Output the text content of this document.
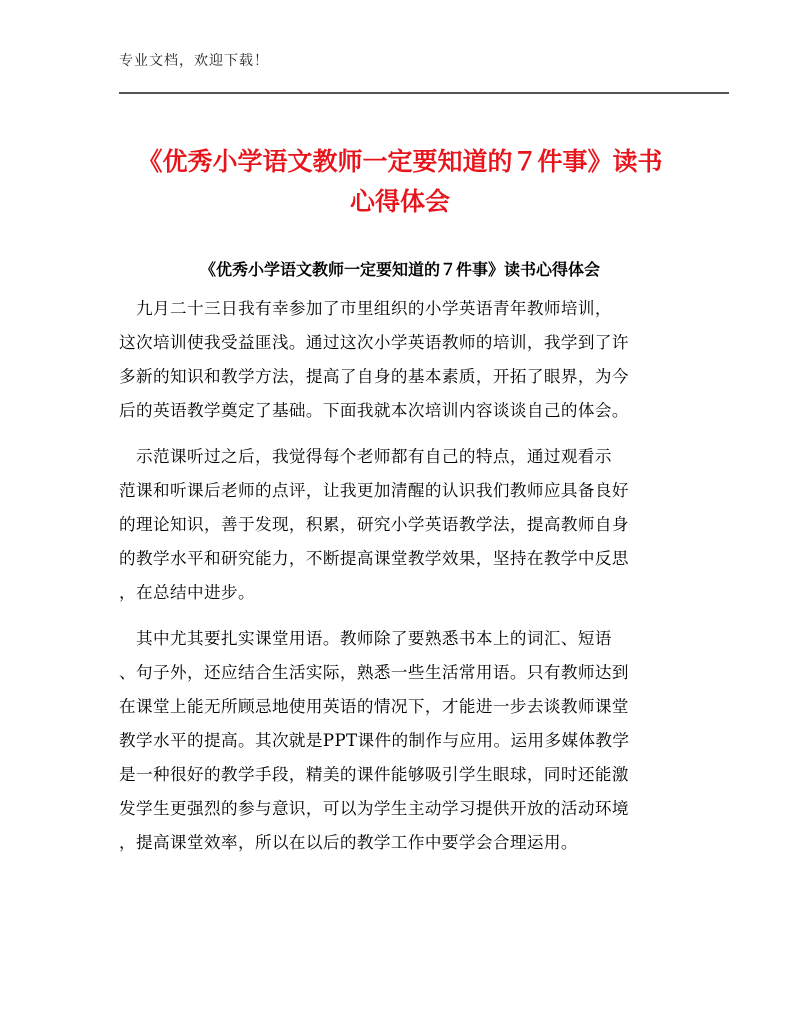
专业文档，欢迎下载！
《优秀小学语文教师一定要知道的７件事》读书
心得体会
《优秀小学语文教师一定要知道的７件事》读书心得体会

　九月二十三日我有幸参加了市里组织的小学英语青年教师培训，
这次培训使我受益匪浅。通过这次小学英语教师的培训，我学到了许
多新的知识和教学方法，提高了自身的基本素质，开拓了眼界，为今
后的英语教学奠定了基础。下面我就本次培训内容谈谈自己的体会。

　示范课听过之后，我觉得每个老师都有自己的特点，通过观看示
范课和听课后老师的点评，让我更加清醒的认识我们教师应具备良好
的理论知识，善于发现，积累，研究小学英语教学法，提高教师自身
的教学水平和研究能力，不断提高课堂教学效果，坚持在教学中反思
，在总结中进步。

　其中尤其要扎实课堂用语。教师除了要熟悉书本上的词汇、短语
、句子外，还应结合生活实际，熟悉一些生活常用语。只有教师达到
在课堂上能无所顾忌地使用英语的情况下，才能进一步去谈教师课堂
教学水平的提高。其次就是PPT课件的制作与应用。运用多媒体教学
是一种很好的教学手段，精美的课件能够吸引学生眼球，同时还能激
发学生更强烈的参与意识，可以为学生主动学习提供开放的活动环境
，提高课堂效率，所以在以后的教学工作中要学会合理运用。
